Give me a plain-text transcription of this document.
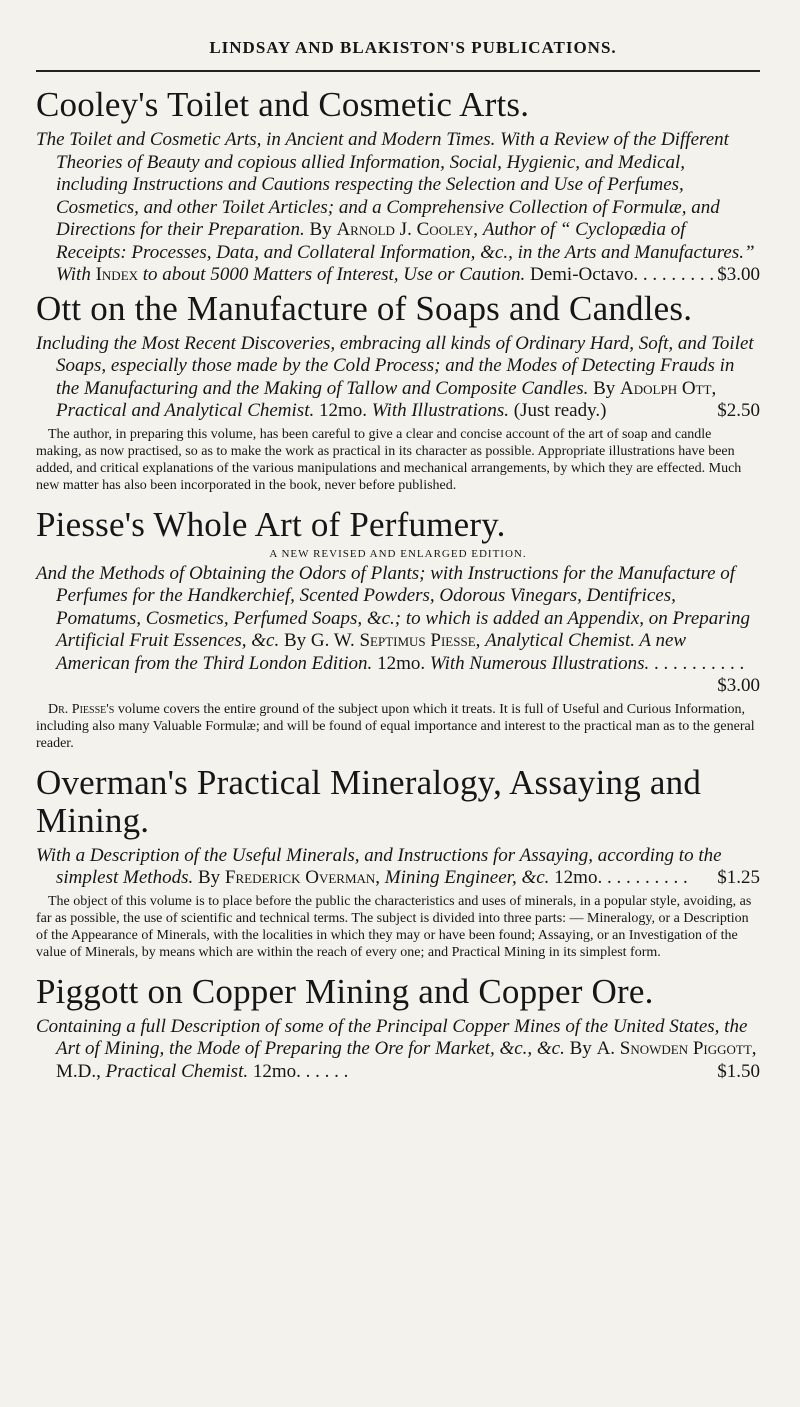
LINDSAY AND BLAKISTON'S PUBLICATIONS.
Cooley's Toilet and Cosmetic Arts.
The Toilet and Cosmetic Arts, in Ancient and Modern Times. With a Review of the Different Theories of Beauty and copious allied Information, Social, Hygienic, and Medical, including Instructions and Cautions respecting the Selection and Use of Perfumes, Cosmetics, and other Toilet Articles; and a Comprehensive Collection of Formulæ, and Directions for their Preparation. By Arnold J. Cooley, Author of “ Cyclopædia of Receipts: Processes, Data, and Collateral Information, &c., in the Arts and Manufactures.” With Index to about 5000 Matters of Interest, Use or Caution. Demi-Octavo. . . . . . . . . $3.00
Ott on the Manufacture of Soaps and Candles.
Including the Most Recent Discoveries, embracing all kinds of Ordinary Hard, Soft, and Toilet Soaps, especially those made by the Cold Process; and the Modes of Detecting Frauds in the Manufacturing and the Making of Tallow and Composite Candles. By Adolph Ott, Practical and Analytical Chemist. 12mo. With Illustrations. (Just ready.)	$2.50
The author, in preparing this volume, has been careful to give a clear and concise account of the art of soap and candle making, as now practised, so as to make the work as practical in its character as possible. Appropriate illustrations have been added, and critical explanations of the various manipulations and mechanical arrangements, by which they are effected. Much new matter has also been incorporated in the book, never before published.
Piesse's Whole Art of Perfumery.
A NEW REVISED AND ENLARGED EDITION.
And the Methods of Obtaining the Odors of Plants; with Instructions for the Manufacture of Perfumes for the Handkerchief, Scented Powders, Odorous Vinegars, Dentifrices, Pomatums, Cosmetics, Perfumed Soaps, &c.; to which is added an Appendix, on Preparing Artificial Fruit Essences, &c. By G. W. Septimus Piesse, Analytical Chemist. A new American from the Third London Edition. 12mo. With Numerous Illustrations. . . . . . . . . . .
$3.00
Dr. Piesse's volume covers the entire ground of the subject upon which it treats. It is full of Useful and Curious Information, including also many Valuable Formulæ; and will be found of equal importance and interest to the practical man as to the general reader.
Overman's Practical Mineralogy, Assaying and Mining.
With a Description of the Useful Minerals, and Instructions for Assaying, according to the simplest Methods. By Frederick Overman, Mining Engineer, &c. 12mo. . . . . . . . . . $1.25
The object of this volume is to place before the public the characteristics and uses of minerals, in a popular style, avoiding, as far as possible, the use of scientific and technical terms. The subject is divided into three parts: — Mineralogy, or a Description of the Appearance of Minerals, with the localities in which they may or have been found; Assaying, or an Investigation of the value of Minerals, by means which are within the reach of every one; and Practical Mining in its simplest form.
Piggott on Copper Mining and Copper Ore.
Containing a full Description of some of the Principal Copper Mines of the United States, the Art of Mining, the Mode of Preparing the Ore for Market, &c., &c. By A. Snowden Piggott, M.D., Practical Chemist. 12mo. . . . . .	$1.50
